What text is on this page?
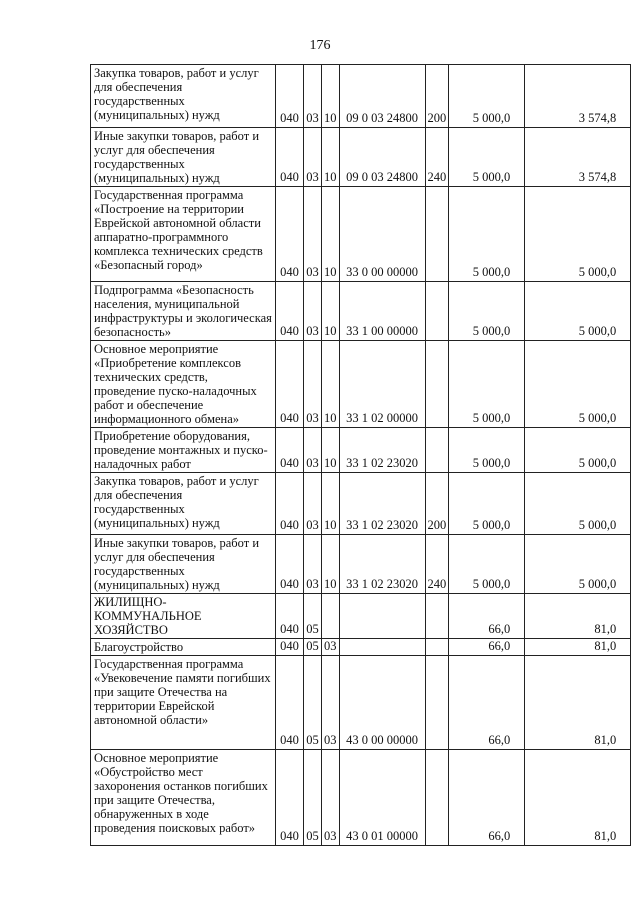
176
Закупка товаров, работ и услуг для обеспечения государственных (муниципальных) нужд	040	03	10	09 0 03 24800	200	5 000,0	3 574,8
Иные закупки товаров, работ и услуг для обеспечения государственных (муниципальных) нужд	040	03	10	09 0 03 24800	240	5 000,0	3 574,8
Государственная программа «Построение на территории Еврейской автономной области аппаратно-программного комплекса технических средств «Безопасный город»	040	03	10	33 0 00 00000		5 000,0	5 000,0
Подпрограмма «Безопасность населения, муниципальной инфраструктуры и экологическая безопасность»	040	03	10	33 1 00 00000		5 000,0	5 000,0
Основное мероприятие «Приобретение комплексов технических средств, проведение пуско-наладочных работ и обеспечение информационного обмена»	040	03	10	33 1 02 00000		5 000,0	5 000,0
Приобретение оборудования, проведение монтажных и пуско-наладочных работ	040	03	10	33 1 02 23020		5 000,0	5 000,0
Закупка товаров, работ и услуг для обеспечения государственных (муниципальных) нужд	040	03	10	33 1 02 23020	200	5 000,0	5 000,0
Иные закупки товаров, работ и услуг для обеспечения государственных (муниципальных) нужд	040	03	10	33 1 02 23020	240	5 000,0	5 000,0
ЖИЛИЩНО-КОММУНАЛЬНОЕ ХОЗЯЙСТВО	040	05				66,0	81,0
Благоустройство	040	05	03			66,0	81,0
Государственная программа «Увековечение памяти погибших при защите Отечества на территории Еврейской автономной области»	040	05	03	43 0 00 00000		66,0	81,0
Основное мероприятие «Обустройство мест захоронения останков погибших при защите Отечества, обнаруженных в ходе проведения поисковых работ»	040	05	03	43 0 01 00000		66,0	81,0
